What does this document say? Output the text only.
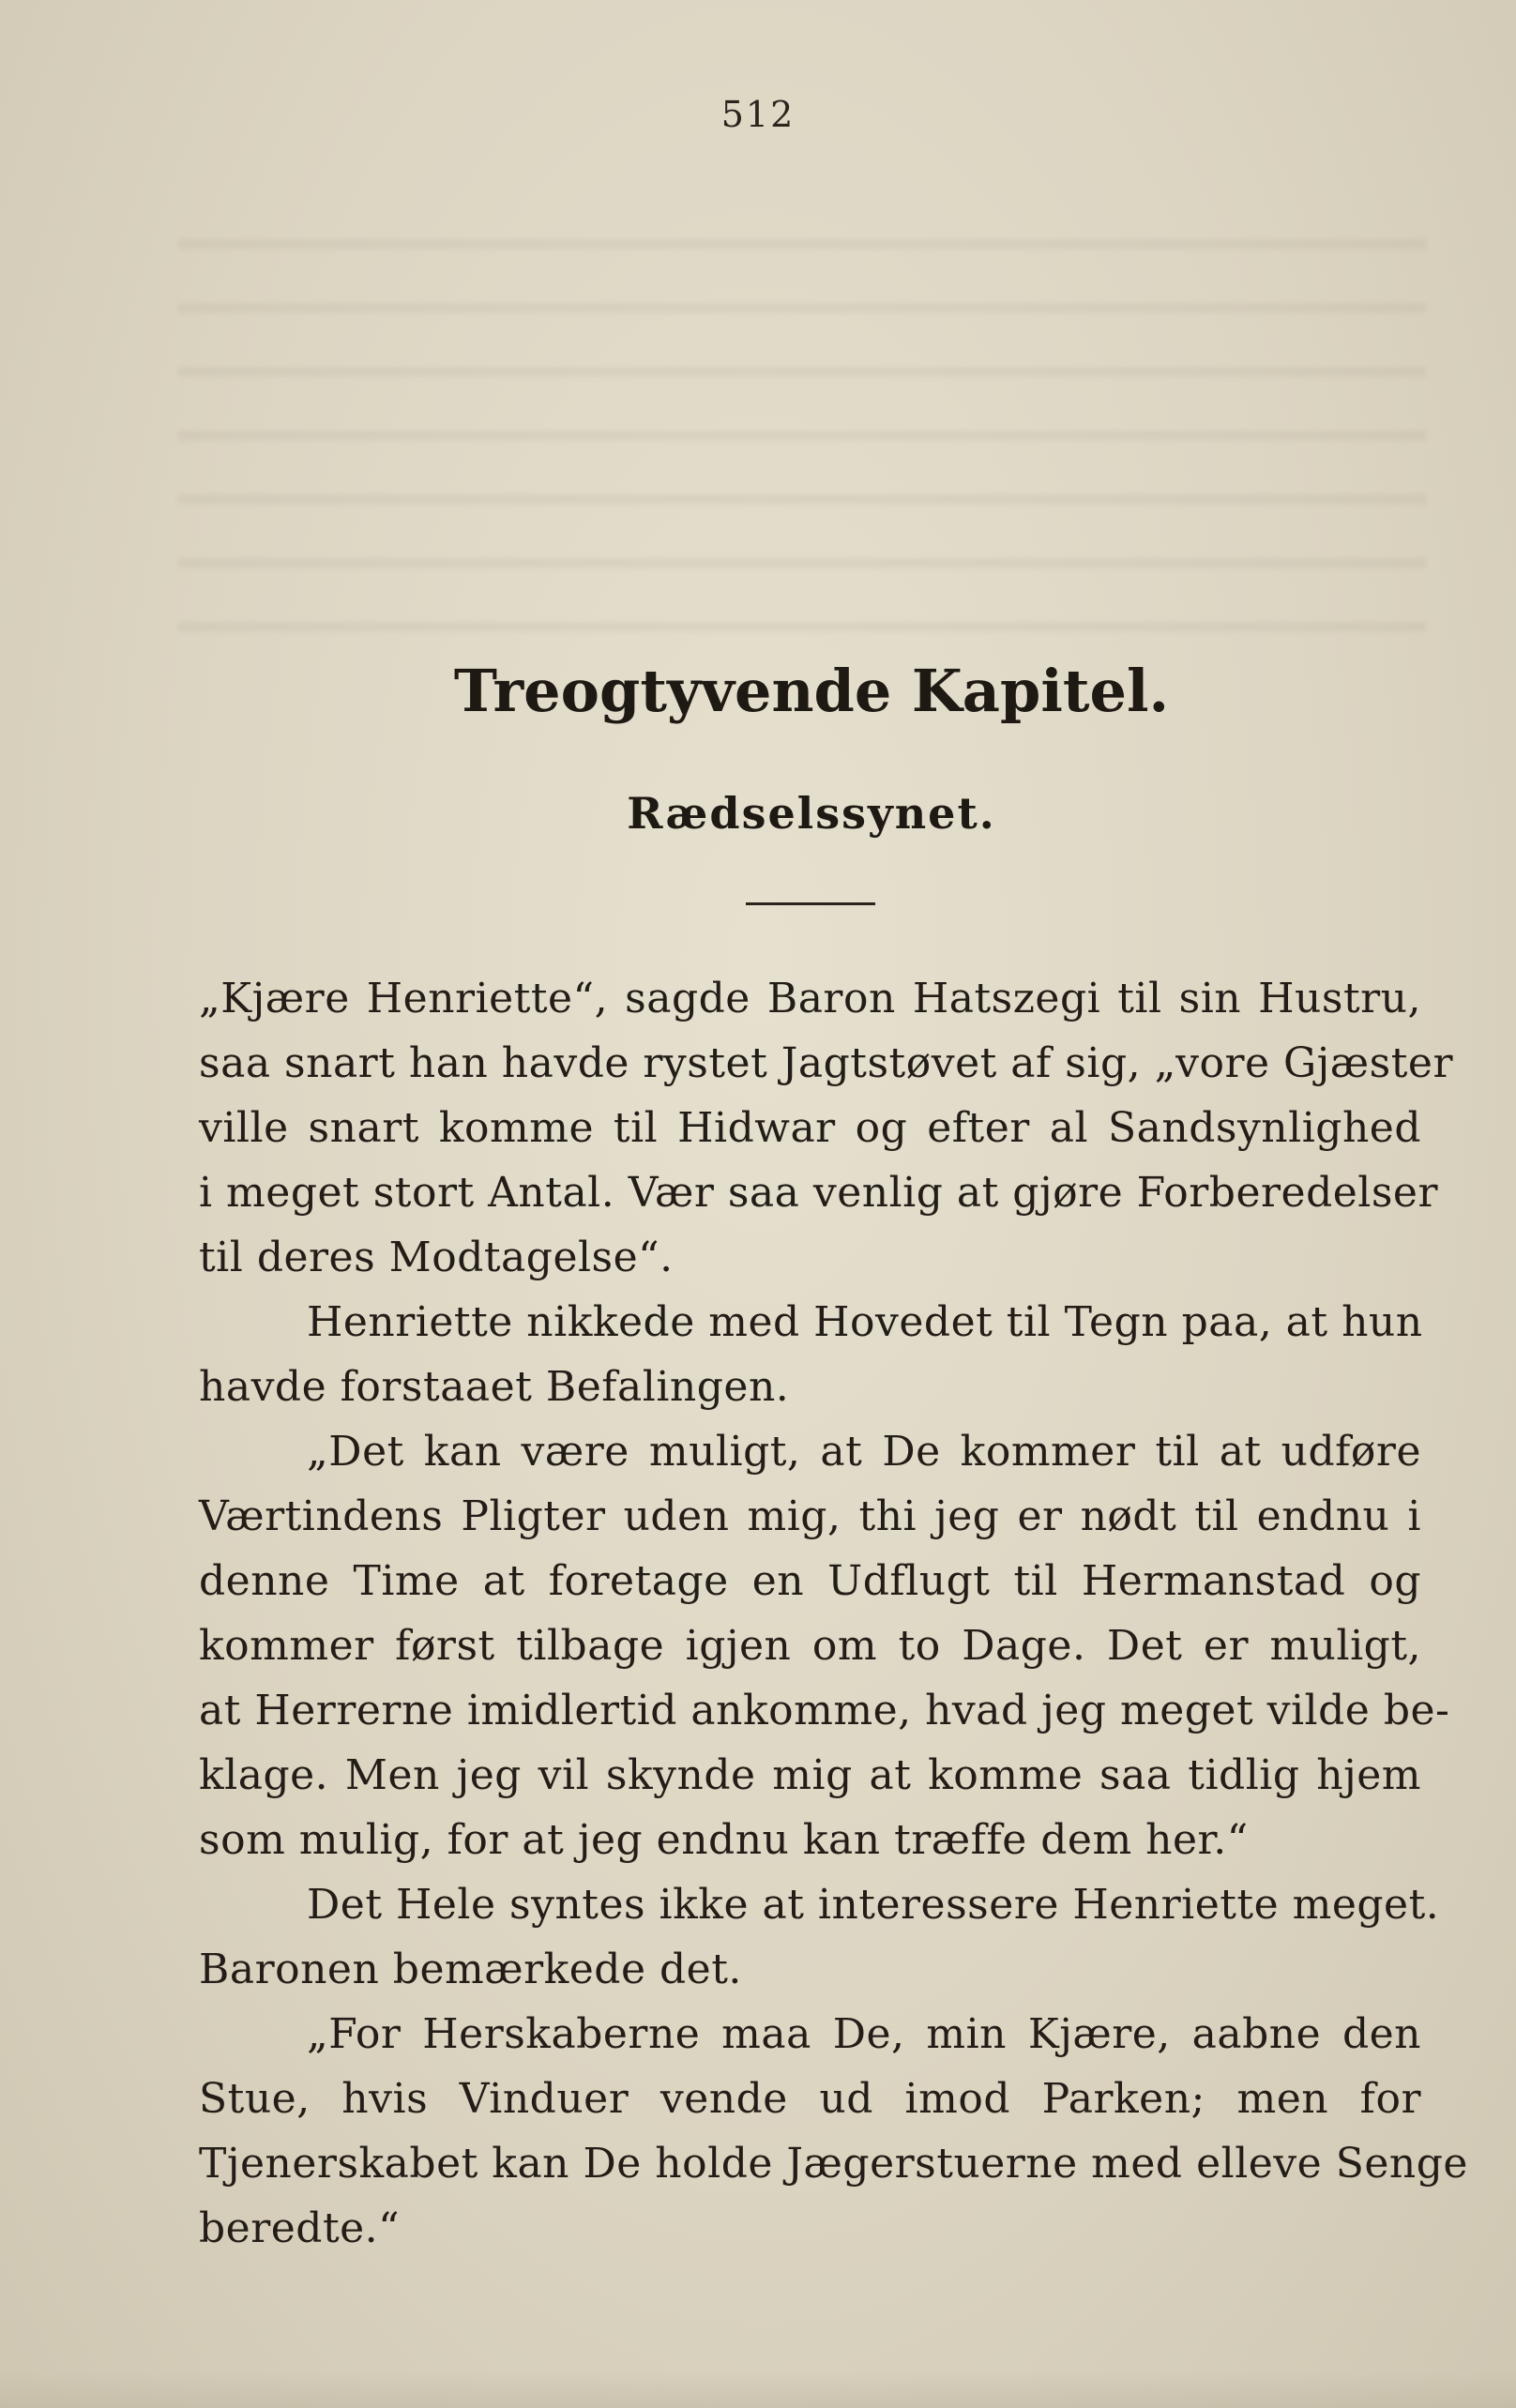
512
Treogtyvende Kapitel.
Rædselssynet.
„Kjære Henriette“, sagde Baron Hatszegi til sin Hustru,
saa snart han havde rystet Jagtstøvet af sig, „vore Gjæster
ville snart komme til Hidwar og efter al Sandsynlighed
i meget stort Antal. Vær saa venlig at gjøre Forberedelser
til deres Modtagelse“.
Henriette nikkede med Hovedet til Tegn paa, at hun
havde forstaaet Befalingen.
„Det kan være muligt, at De kommer til at udføre
Værtindens Pligter uden mig, thi jeg er nødt til endnu i
denne Time at foretage en Udflugt til Hermanstad og
kommer først tilbage igjen om to Dage. Det er muligt,
at Herrerne imidlertid ankomme, hvad jeg meget vilde be-
klage. Men jeg vil skynde mig at komme saa tidlig hjem
som mulig, for at jeg endnu kan træffe dem her.“
Det Hele syntes ikke at interessere Henriette meget.
Baronen bemærkede det.
„For Herskaberne maa De, min Kjære, aabne den
Stue, hvis Vinduer vende ud imod Parken; men for
Tjenerskabet kan De holde Jægerstuerne med elleve Senge
beredte.“
